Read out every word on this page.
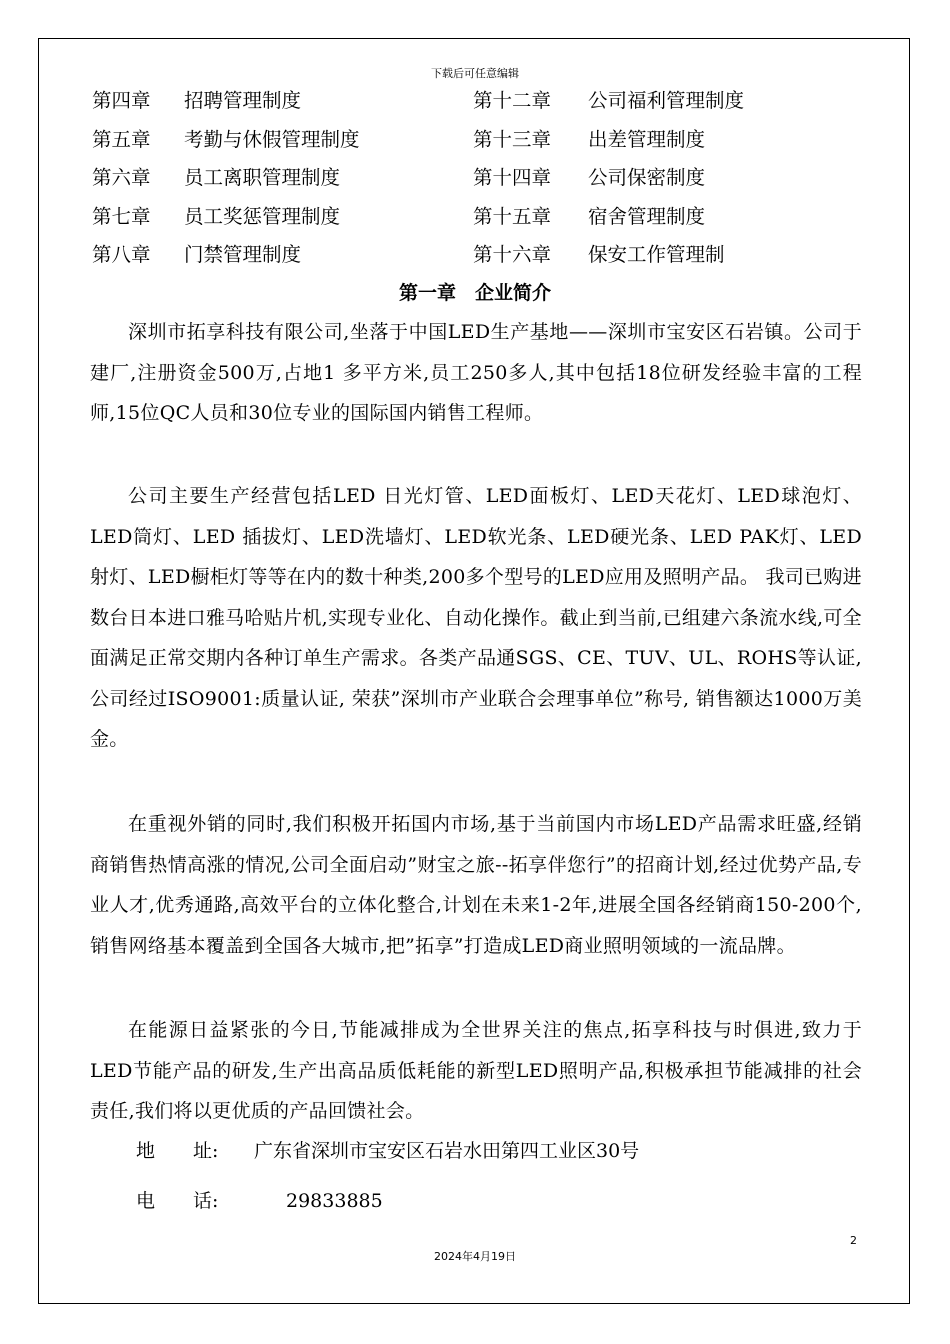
下载后可任意编辑
第四章 招聘管理制度	第十二章 公司福利管理制度
第五章 考勤与休假管理制度	第十三章 出差管理制度
第六章 员工离职管理制度	第十四章 公司保密制度
第七章 员工奖惩管理制度	第十五章 宿舍管理制度
第八章 门禁管理制度	第十六章 保安工作管理制
第一章　企业简介

深圳市拓享科技有限公司,坐落于中国LED生产基地——深圳市宝安区石岩镇。公司于 建厂,注册资金500万,占地1 多平方米,员工250多人,其中包括18位研发经验丰富的工程师,15位QC人员和30位专业的国际国内销售工程师。

公司主要生产经营包括LED 日光灯管、LED面板灯、LED天花灯、LED球泡灯、LED筒灯、LED 插拔灯、LED洗墙灯、LED软光条、LED硬光条、LED PAK灯、LED射灯、LED橱柜灯等等在内的数十种类,200多个型号的LED应用及照明产品。 我司已购进数台日本进口雅马哈贴片机,实现专业化、自动化操作。截止到当前,已组建六条流水线,可全面满足正常交期内各种订单生产需求。各类产品通SGS、CE、TUV、UL、ROHS等认证,公司经过ISO9001:质量认证, 荣获”深圳市产业联合会理事单位”称号, 销售额达1000万美金。

在重视外销的同时,我们积极开拓国内市场,基于当前国内市场LED产品需求旺盛,经销商销售热情高涨的情况,公司全面启动”财宝之旅--拓享伴您行”的招商计划,经过优势产品,专业人才,优秀通路,高效平台的立体化整合,计划在未来1-2年,进展全国各经销商150-200个,销售网络基本覆盖到全国各大城市,把”拓享”打造成LED商业照明领域的一流品牌。

在能源日益紧张的今日,节能减排成为全世界关注的焦点,拓享科技与时俱进,致力于LED节能产品的研发,生产出高品质低耗能的新型LED照明产品,积极承担节能减排的社会责任,我们将以更优质的产品回馈社会。

地　　址: 广东省深圳市宝安区石岩水田第四工业区30号
电　　话:	29833885
2
2024年4月19日
